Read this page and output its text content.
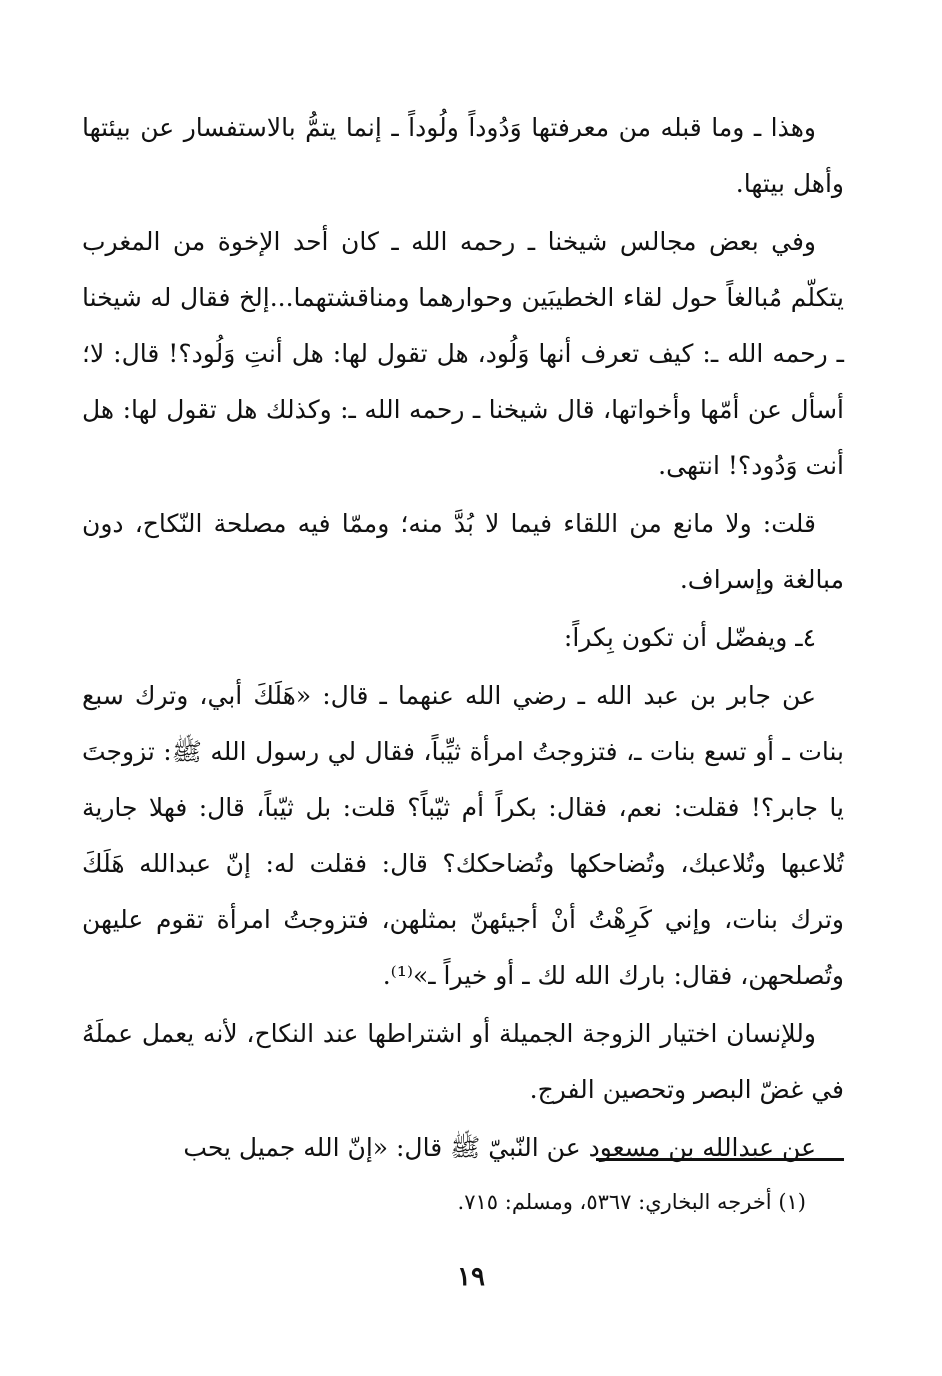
وهذا ـ وما قبله من معرفتها وَدُوداً ولُوداً ـ إنما يتمُّ بالاستفسار عن بيئتها وأهل بيتها.

وفي بعض مجالس شيخنا ـ رحمه الله ـ كان أحد الإخوة من المغرب يتكلّم مُبالغاً حول لقاء الخطيبَين وحوارهما ومناقشتهما...إلخ فقال له شيخنا ـ رحمه الله ـ: كيف تعرف أنها وَلُود، هل تقول لها: هل أنتِ وَلُود؟! قال: لا؛ أسأل عن أمّها وأخواتها، قال شيخنا ـ رحمه الله ـ: وكذلك هل تقول لها: هل أنت وَدُود؟! انتهى.

قلت: ولا مانع من اللقاء فيما لا بُدَّ منه؛ وممّا فيه مصلحة النّكاح، دون مبالغة وإسراف.

٤ـ ويفضّل أن تكون بِكراً:

عن جابر بن عبد الله ـ رضي الله عنهما ـ قال: «هَلَكَ أبي، وترك سبع بنات ـ أو تسع بنات ـ، فتزوجتُ امرأة ثيِّباً، فقال لي رسول الله ﷺ: تزوجتَ يا جابر؟! فقلت: نعم، فقال: بكراً أم ثيّباً؟ قلت: بل ثيّباً، قال: فهلا جارية تُلاعبها وتُلاعبك، وتُضاحكها وتُضاحكك؟ قال: فقلت له: إنّ عبدالله هَلَكَ وترك بنات، وإني كَرِهْتُ أنْ أجيئهنّ بمثلهن، فتزوجتُ امرأة تقوم عليهن وتُصلحهن، فقال: بارك الله لك ـ أو خيراً ـ»⁽¹⁾.

وللإنسان اختيار الزوجة الجميلة أو اشتراطها عند النكاح، لأنه يعمل عملَهُ في غضّ البصر وتحصين الفرج.

عن عبدالله بن مسعود عن النّبيّ ﷺ قال: «إنّ الله جميل يحب

(١) أخرجه البخاري: ٥٣٦٧، ومسلم: ٧١٥.
١٩
